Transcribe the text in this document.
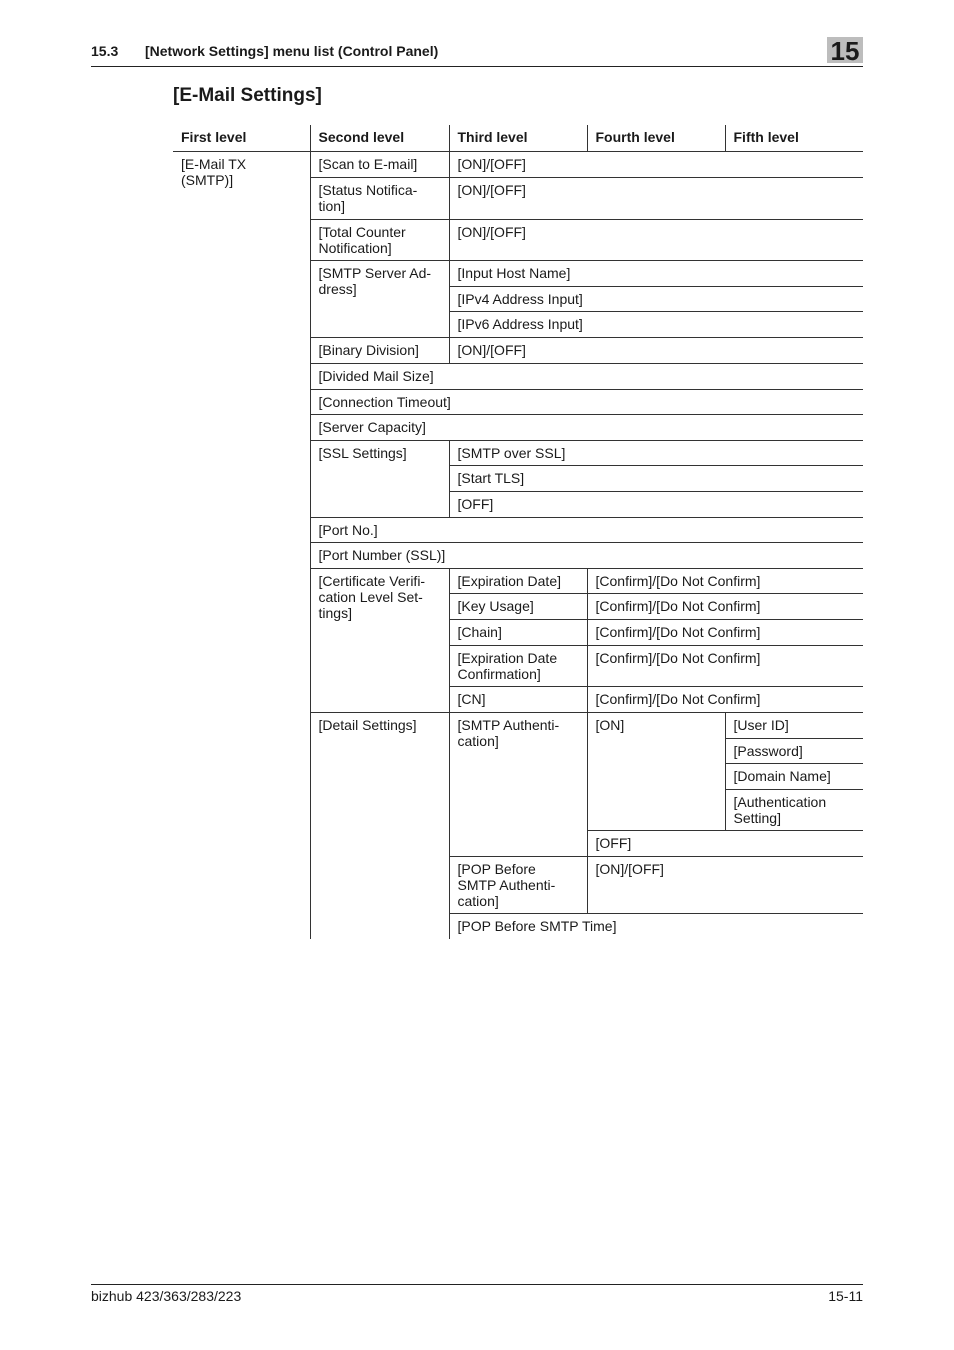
15.3 [Network Settings] menu list (Control Panel)	15
[E-Mail Settings]
First level	Second level	Third level	Fourth level	Fifth level
[E-Mail TX (SMTP)]	[Scan to E-mail]	[ON]/[OFF]		
	[Status Notifica-tion]	[ON]/[OFF]		
	[Total Counter Notification]	[ON]/[OFF]		
	[SMTP Server Ad-dress]	[Input Host Name]		
		[IPv4 Address Input]		
		[IPv6 Address Input]		
	[Binary Division]	[ON]/[OFF]		
	[Divided Mail Size]			
	[Connection Timeout]			
	[Server Capacity]			
	[SSL Settings]	[SMTP over SSL]		
		[Start TLS]		
		[OFF]		
	[Port No.]			
	[Port Number (SSL)]			
	[Certificate Verifi-cation Level Set-tings]	[Expiration Date]	[Confirm]/[Do Not Confirm]	
		[Key Usage]	[Confirm]/[Do Not Confirm]	
		[Chain]	[Confirm]/[Do Not Confirm]	
		[Expiration Date Confirmation]	[Confirm]/[Do Not Confirm]	
		[CN]	[Confirm]/[Do Not Confirm]	
	[Detail Settings]	[SMTP Authenti-cation]	[ON]	[User ID]
				[Password]
				[Domain Name]
				[Authentication Setting]
			[OFF]	
		[POP Before SMTP Authenti-cation]	[ON]/[OFF]	
		[POP Before SMTP Time]		
bizhub 423/363/283/223	15-11
